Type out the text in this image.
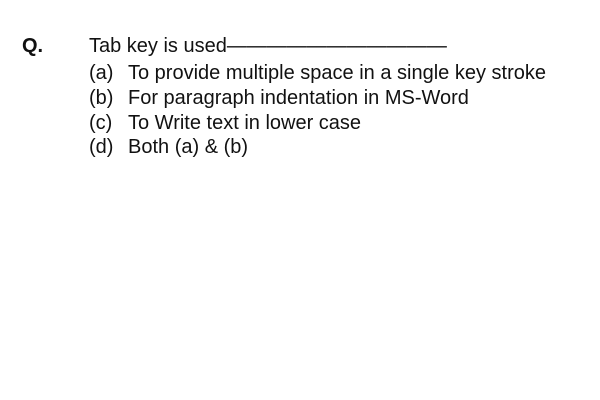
Q. Tab key is used———————————
(a) To provide multiple space in a single key stroke
(b) For paragraph indentation in MS-Word
(c) To Write text in lower case
(d) Both (a) & (b)
